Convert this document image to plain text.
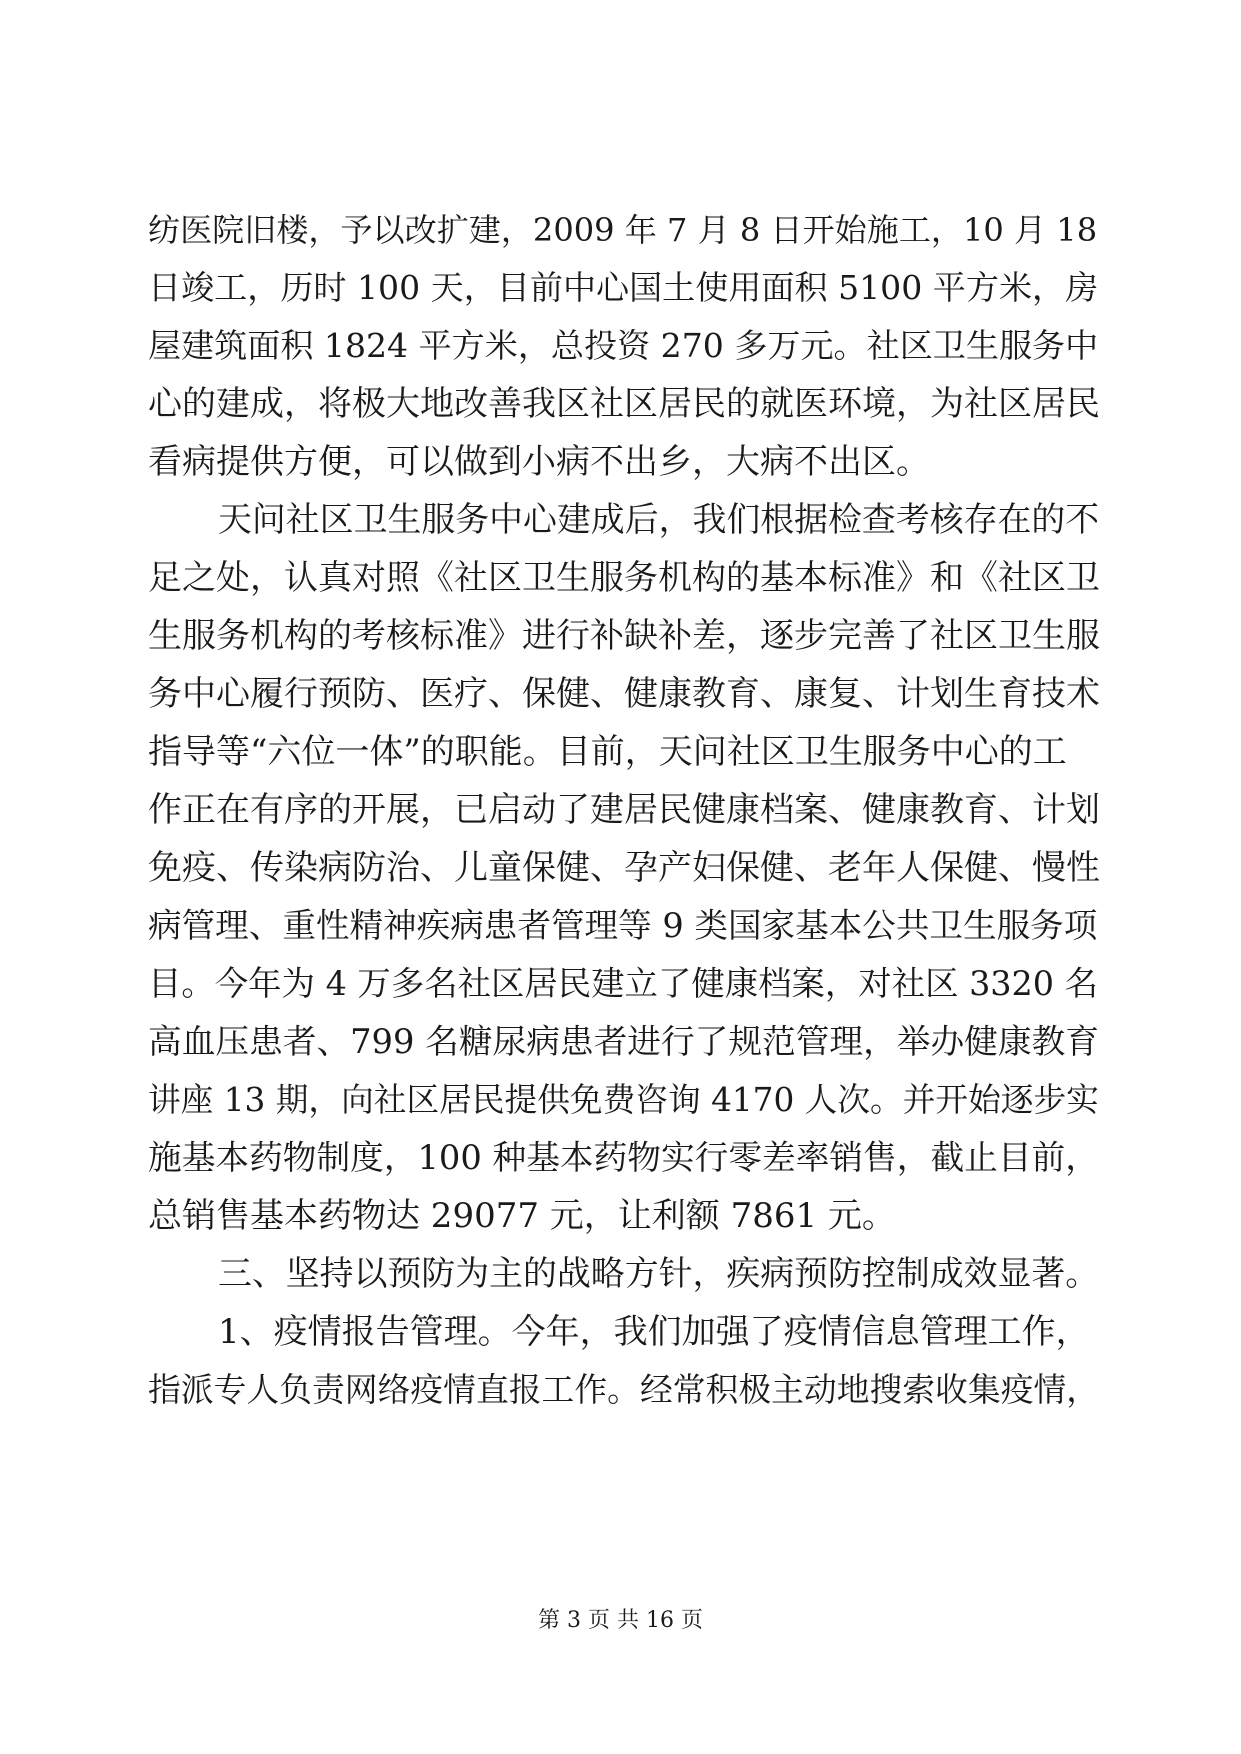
纺医院旧楼，予以改扩建，2009 年 7 月 8 日开始施工，10 月 18
日竣工，历时 100 天，目前中心国土使用面积 5100 平方米，房
屋建筑面积 1824 平方米，总投资 270 多万元。社区卫生服务中
心的建成，将极大地改善我区社区居民的就医环境，为社区居民
看病提供方便，可以做到小病不出乡，大病不出区。
天问社区卫生服务中心建成后，我们根据检查考核存在的不
足之处，认真对照《社区卫生服务机构的基本标准》和《社区卫
生服务机构的考核标准》进行补缺补差，逐步完善了社区卫生服
务中心履行预防、医疗、保健、健康教育、康复、计划生育技术
指导等“六位一体”的职能。目前，天问社区卫生服务中心的工
作正在有序的开展，已启动了建居民健康档案、健康教育、计划
免疫、传染病防治、儿童保健、孕产妇保健、老年人保健、慢性
病管理、重性精神疾病患者管理等 9 类国家基本公共卫生服务项
目。今年为 4 万多名社区居民建立了健康档案，对社区 3320 名
高血压患者、799 名糖尿病患者进行了规范管理，举办健康教育
讲座 13 期，向社区居民提供免费咨询 4170 人次。并开始逐步实
施基本药物制度，100 种基本药物实行零差率销售，截止目前，
总销售基本药物达 29077 元，让利额 7861 元。
三、坚持以预防为主的战略方针，疾病预防控制成效显著。
1、疫情报告管理。今年，我们加强了疫情信息管理工作，
指派专人负责网络疫情直报工作。经常积极主动地搜索收集疫情，
第 3 页 共 16 页
